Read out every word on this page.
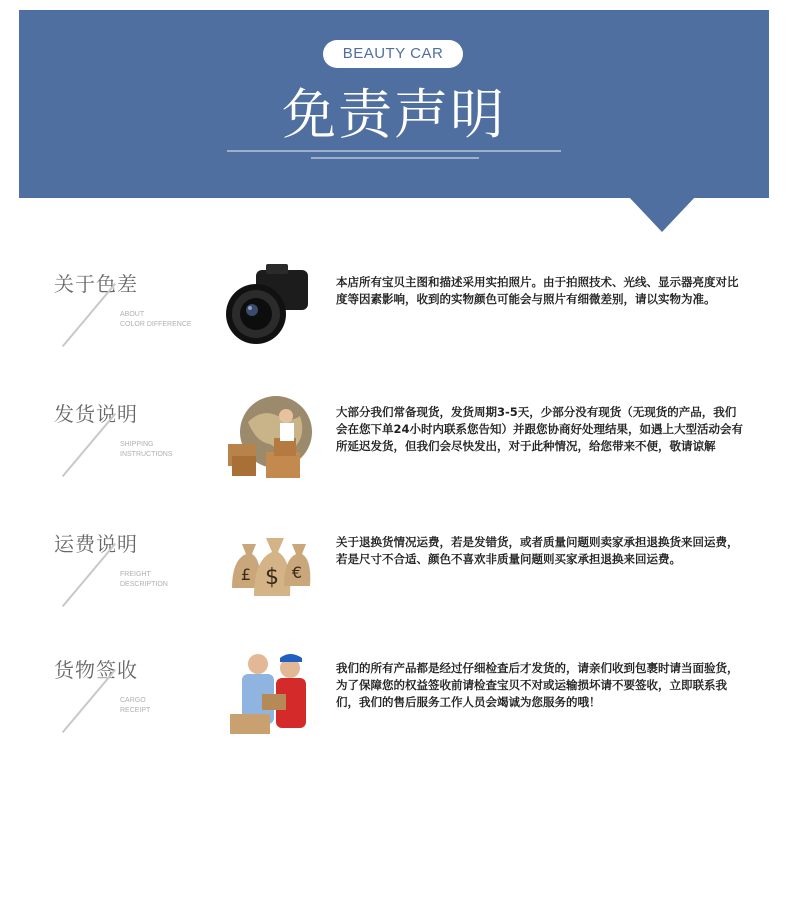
BEAUTY CAR
免责声明
关于色差
ABOUT
COLOR DIFFERENCE

本店所有宝贝主图和描述采用实拍照片。由于拍照技术、光线、显示器亮度对比度等因素影响，收到的实物颜色可能会与照片有细微差别，请以实物为准。

发货说明
SHIPPING
INSTRUCTIONS

大部分我们常备现货，发货周期3-5天，少部分没有现货（无现货的产品，我们会在您下单24小时内联系您告知）并跟您协商好处理结果，如遇上大型活动会有所延迟发货，但我们会尽快发出，对于此种情况，给您带来不便，敬请谅解

运费说明
FREIGHT
DESCRIPTION
£ $ €

关于退换货情况运费，若是发错货，或者质量问题则卖家承担退换货来回运费，若是尺寸不合适、颜色不喜欢非质量问题则买家承担退换来回运费。

货物签收
CARGO
RECEIPT

我们的所有产品都是经过仔细检查后才发货的，请亲们收到包裹时请当面验货，为了保障您的权益签收前请检查宝贝不对或运输损坏请不要签收，立即联系我们，我们的售后服务工作人员会竭诚为您服务的哦！
